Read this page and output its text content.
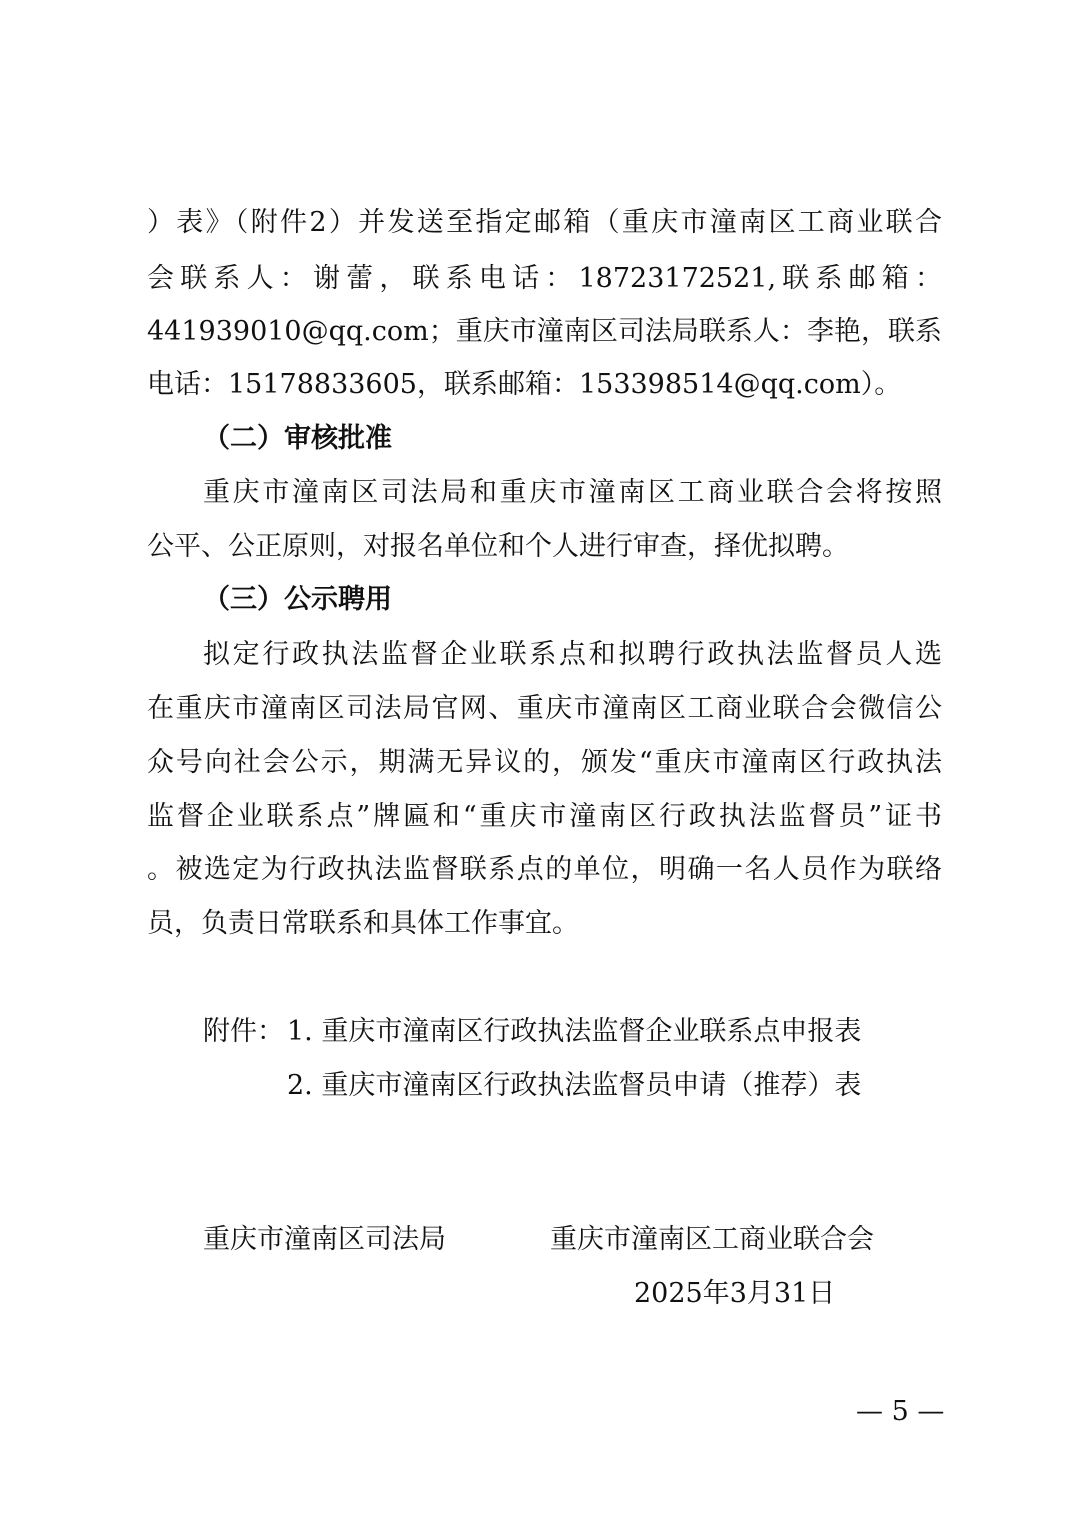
）表》（附件2）并发送至指定邮箱（重庆市潼南区工商业联合
会联系人：谢蕾，联系电话：18723172521,联系邮箱：
441939010@qq.com；重庆市潼南区司法局联系人：李艳，联系
电话：15178833605，联系邮箱：153398514@qq.com）。
（二）审核批准
重庆市潼南区司法局和重庆市潼南区工商业联合会将按照
公平、公正原则，对报名单位和个人进行审查，择优拟聘。
（三）公示聘用
拟定行政执法监督企业联系点和拟聘行政执法监督员人选
在重庆市潼南区司法局官网、重庆市潼南区工商业联合会微信公
众号向社会公示，期满无异议的，颁发“重庆市潼南区行政执法
监督企业联系点”牌匾和“重庆市潼南区行政执法监督员”证书
。被选定为行政执法监督联系点的单位，明确一名人员作为联络
员，负责日常联系和具体工作事宜。
附件： 1. 重庆市潼南区行政执法监督企业联系点申报表
2. 重庆市潼南区行政执法监督员申请（推荐）表
重庆市潼南区司法局	重庆市潼南区工商业联合会
2025年3月31日
— 5 —
